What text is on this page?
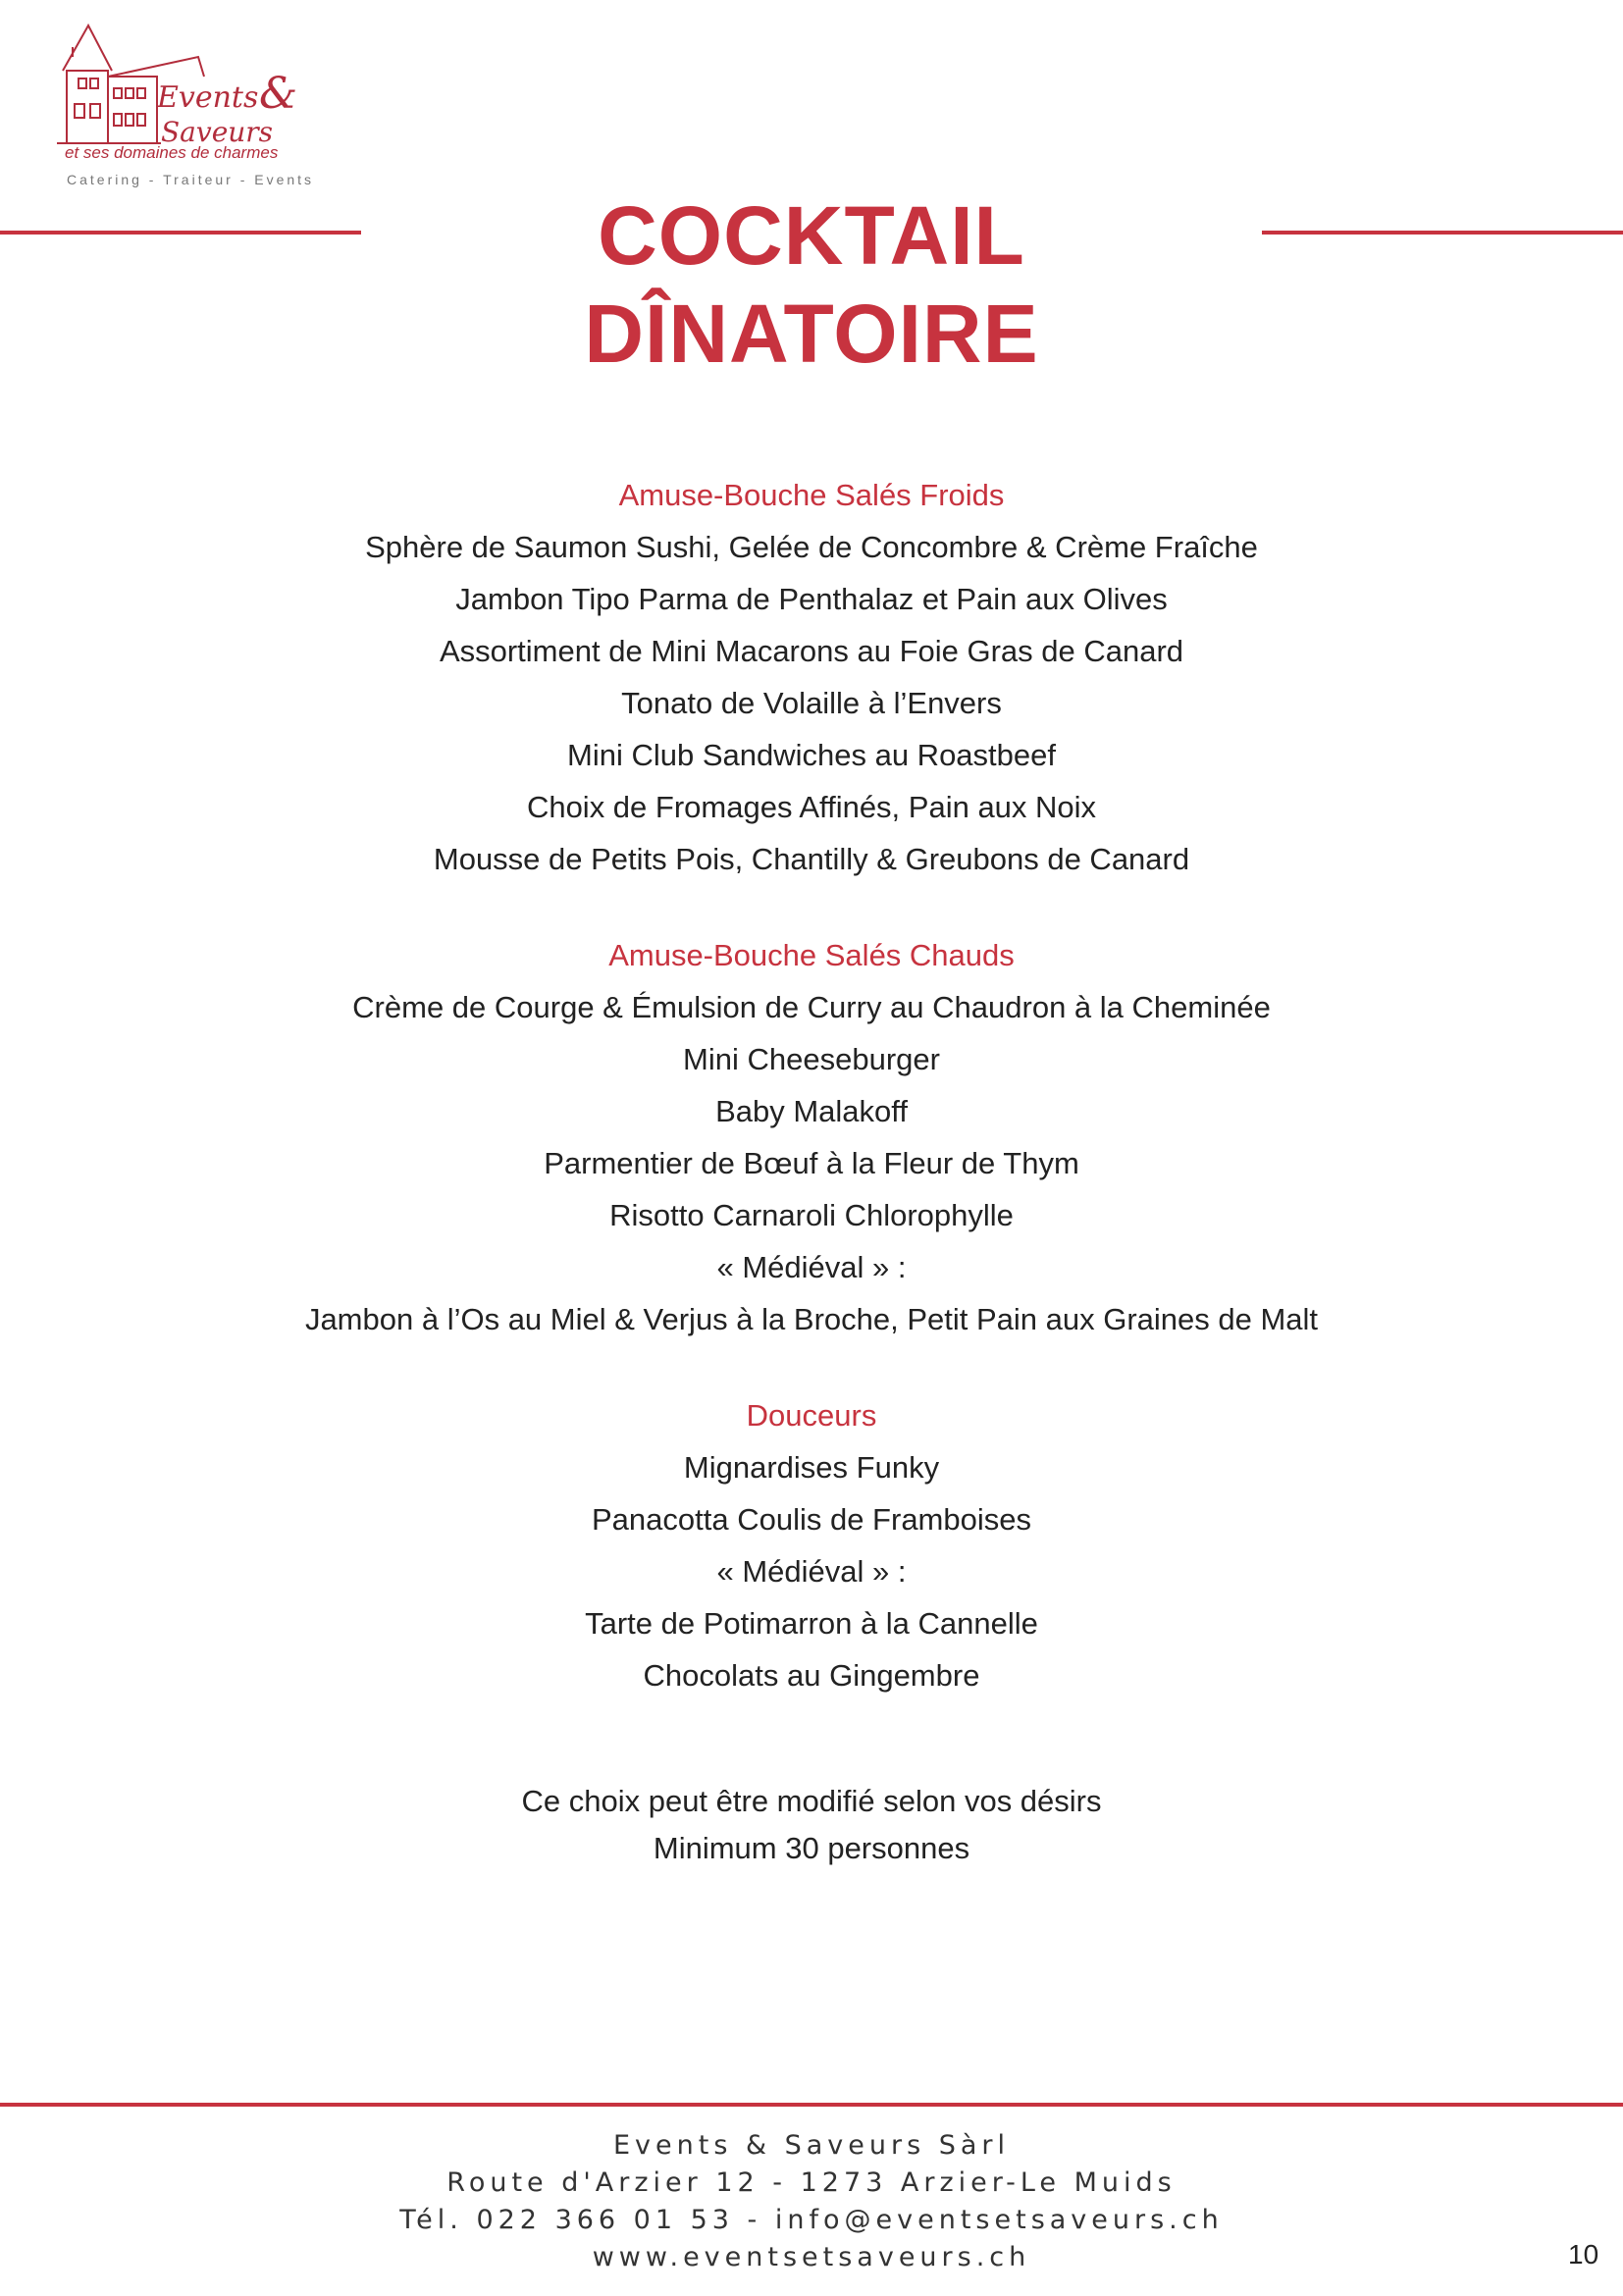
Events &
Saveurs
et ses domaines de charmes
Catering - Traiteur - Events
COCKTAIL DÎNATOIRE
Amuse-Bouche Salés Froids
Sphère de Saumon Sushi, Gelée de Concombre & Crème Fraîche
Jambon Tipo Parma de Penthalaz et Pain aux Olives
Assortiment de Mini Macarons au Foie Gras de Canard
Tonato de Volaille à l’Envers
Mini Club Sandwiches au Roastbeef
Choix de Fromages Affinés, Pain aux Noix
Mousse de Petits Pois, Chantilly & Greubons de Canard
Amuse-Bouche Salés Chauds
Crème de Courge & Émulsion de Curry au Chaudron à la Cheminée
Mini Cheeseburger
Baby Malakoff
Parmentier de Bœuf à la Fleur de Thym
Risotto Carnaroli Chlorophylle
« Médiéval » :
Jambon à l’Os au Miel & Verjus à la Broche, Petit Pain aux Graines de Malt
Douceurs
Mignardises Funky
Panacotta Coulis de Framboises
« Médiéval » :
Tarte de Potimarron à la Cannelle
Chocolats au Gingembre
Ce choix peut être modifié selon vos désirs
Minimum 30 personnes
Events & Saveurs Sàrl
Route d'Arzier 12 - 1273 Arzier-Le Muids
Tél. 022 366 01 53 - info@eventsetsaveurs.ch
www.eventsetsaveurs.ch	10
